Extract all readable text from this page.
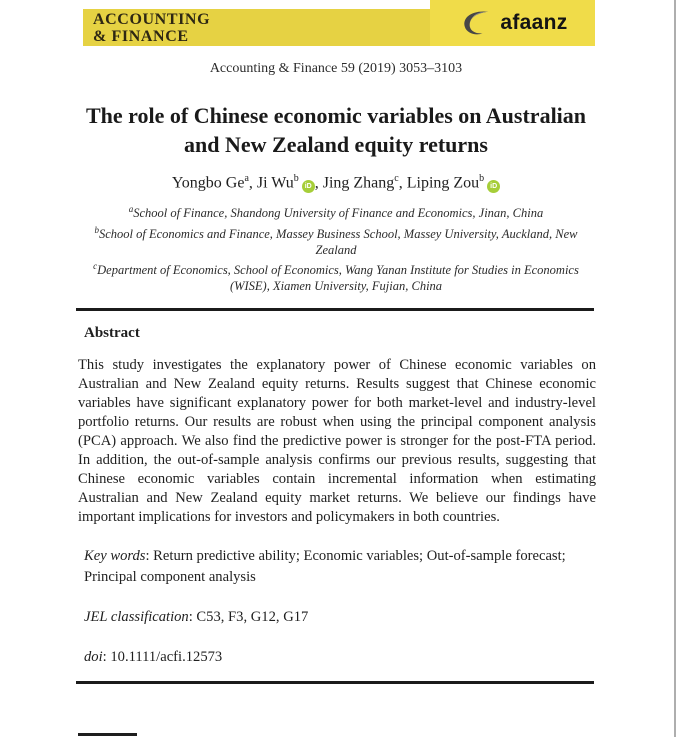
ACCOUNTING
& FINANCE
afaanz
Accounting & Finance 59 (2019) 3053–3103
The role of Chinese economic variables on Australian
and New Zealand equity returns
Yongbo Ge$^a$, Ji Wu$^b$iD , Jing Zhang$^c$, Liping Zou$^b$iD
$^a$School of Finance, Shandong University of Finance and Economics, Jinan, China
$^b$School of Economics and Finance, Massey Business School, Massey University, Auckland, New Zealand
$^c$Department of Economics, School of Economics, Wang Yanan Institute for Studies in Economics (WISE), Xiamen University, Fujian, China
Abstract

This study investigates the explanatory power of Chinese economic variables on Australian and New Zealand equity returns. Results suggest that Chinese economic variables have significant explanatory power for both market-level and industry-level portfolio returns. Our results are robust when using the principal component analysis (PCA) approach. We also find the predictive power is stronger for the post-FTA period. In addition, the out-of-sample analysis confirms our previous results, suggesting that Chinese economic variables contain incremental information when estimating Australian and New Zealand equity market returns. We believe our findings have important implications for investors and policymakers in both countries.

Key words: Return predictive ability; Economic variables; Out-of-sample forecast; Principal component analysis

JEL classification: C53, F3, G12, G17

doi: 10.1111/acfi.12573
